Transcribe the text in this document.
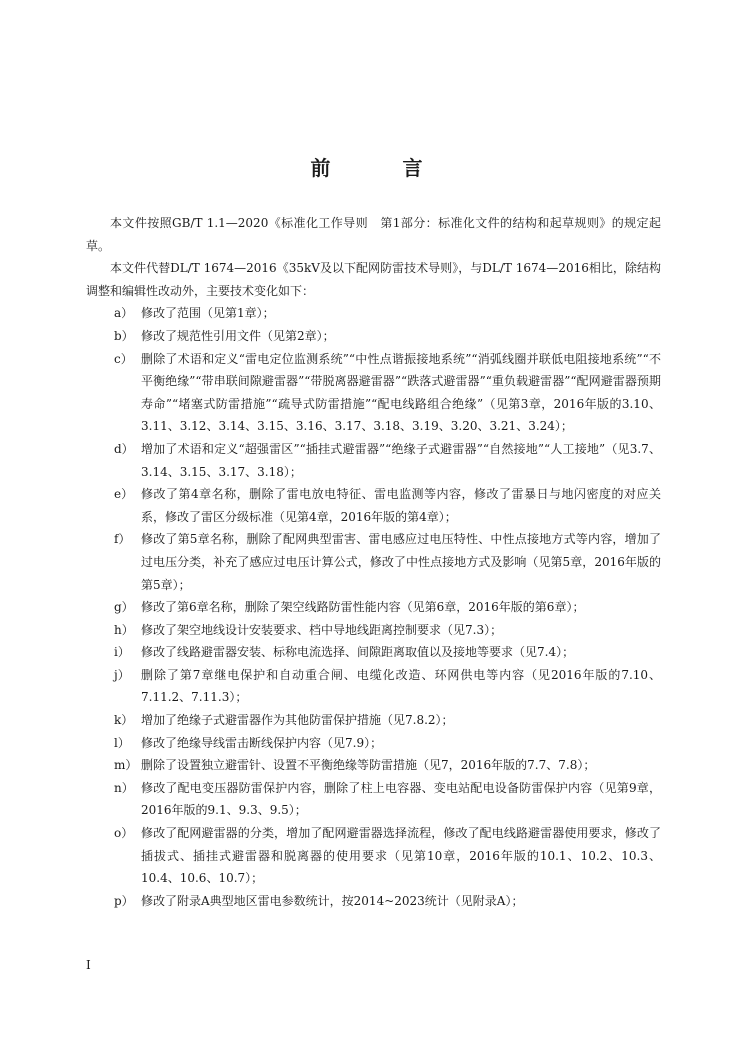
前　言

本文件按照GB/T 1.1—2020《标准化工作导则　第1部分：标准化文件的结构和起草规则》的规定起草。

本文件代替DL/T 1674—2016《35kV及以下配网防雷技术导则》，与DL/T 1674—2016相比，除结构调整和编辑性改动外，主要技术变化如下：

a） 修改了范围（见第1章）；
b） 修改了规范性引用文件（见第2章）；
c） 删除了术语和定义“雷电定位监测系统”“中性点谐振接地系统”“消弧线圈并联低电阻接地系统”“不平衡绝缘”“带串联间隙避雷器”“带脱离器避雷器”“跌落式避雷器”“重负载避雷器”“配网避雷器预期寿命”“堵塞式防雷措施”“疏导式防雷措施”“配电线路组合绝缘”（见第3章，2016年版的3.10、3.11、3.12、3.14、3.15、3.16、3.17、3.18、3.19、3.20、3.21、3.24）；
d） 增加了术语和定义“超强雷区”“插挂式避雷器”“绝缘子式避雷器”“自然接地”“人工接地”（见3.7、3.14、3.15、3.17、3.18）；
e） 修改了第4章名称，删除了雷电放电特征、雷电监测等内容，修改了雷暴日与地闪密度的对应关系，修改了雷区分级标准（见第4章，2016年版的第4章）；
f） 修改了第5章名称，删除了配网典型雷害、雷电感应过电压特性、中性点接地方式等内容，增加了过电压分类，补充了感应过电压计算公式，修改了中性点接地方式及影响（见第5章，2016年版的第5章）；
g） 修改了第6章名称，删除了架空线路防雷性能内容（见第6章，2016年版的第6章）；
h） 修改了架空地线设计安装要求、档中导地线距离控制要求（见7.3）；
i） 修改了线路避雷器安装、标称电流选择、间隙距离取值以及接地等要求（见7.4）；
j） 删除了第7章继电保护和自动重合闸、电缆化改造、环网供电等内容（见2016年版的7.10、7.11.2、7.11.3）；
k） 增加了绝缘子式避雷器作为其他防雷保护措施（见7.8.2）；
l） 修改了绝缘导线雷击断线保护内容（见7.9）；
m） 删除了设置独立避雷针、设置不平衡绝缘等防雷措施（见7，2016年版的7.7、7.8）；
n） 修改了配电变压器防雷保护内容，删除了柱上电容器、变电站配电设备防雷保护内容（见第9章，2016年版的9.1、9.3、9.5）；
o） 修改了配网避雷器的分类，增加了配网避雷器选择流程，修改了配电线路避雷器使用要求，修改了插拔式、插挂式避雷器和脱离器的使用要求（见第10章，2016年版的10.1、10.2、10.3、10.4、10.6、10.7）；
p） 修改了附录A典型地区雷电参数统计，按2014~2023统计（见附录A）；
I
